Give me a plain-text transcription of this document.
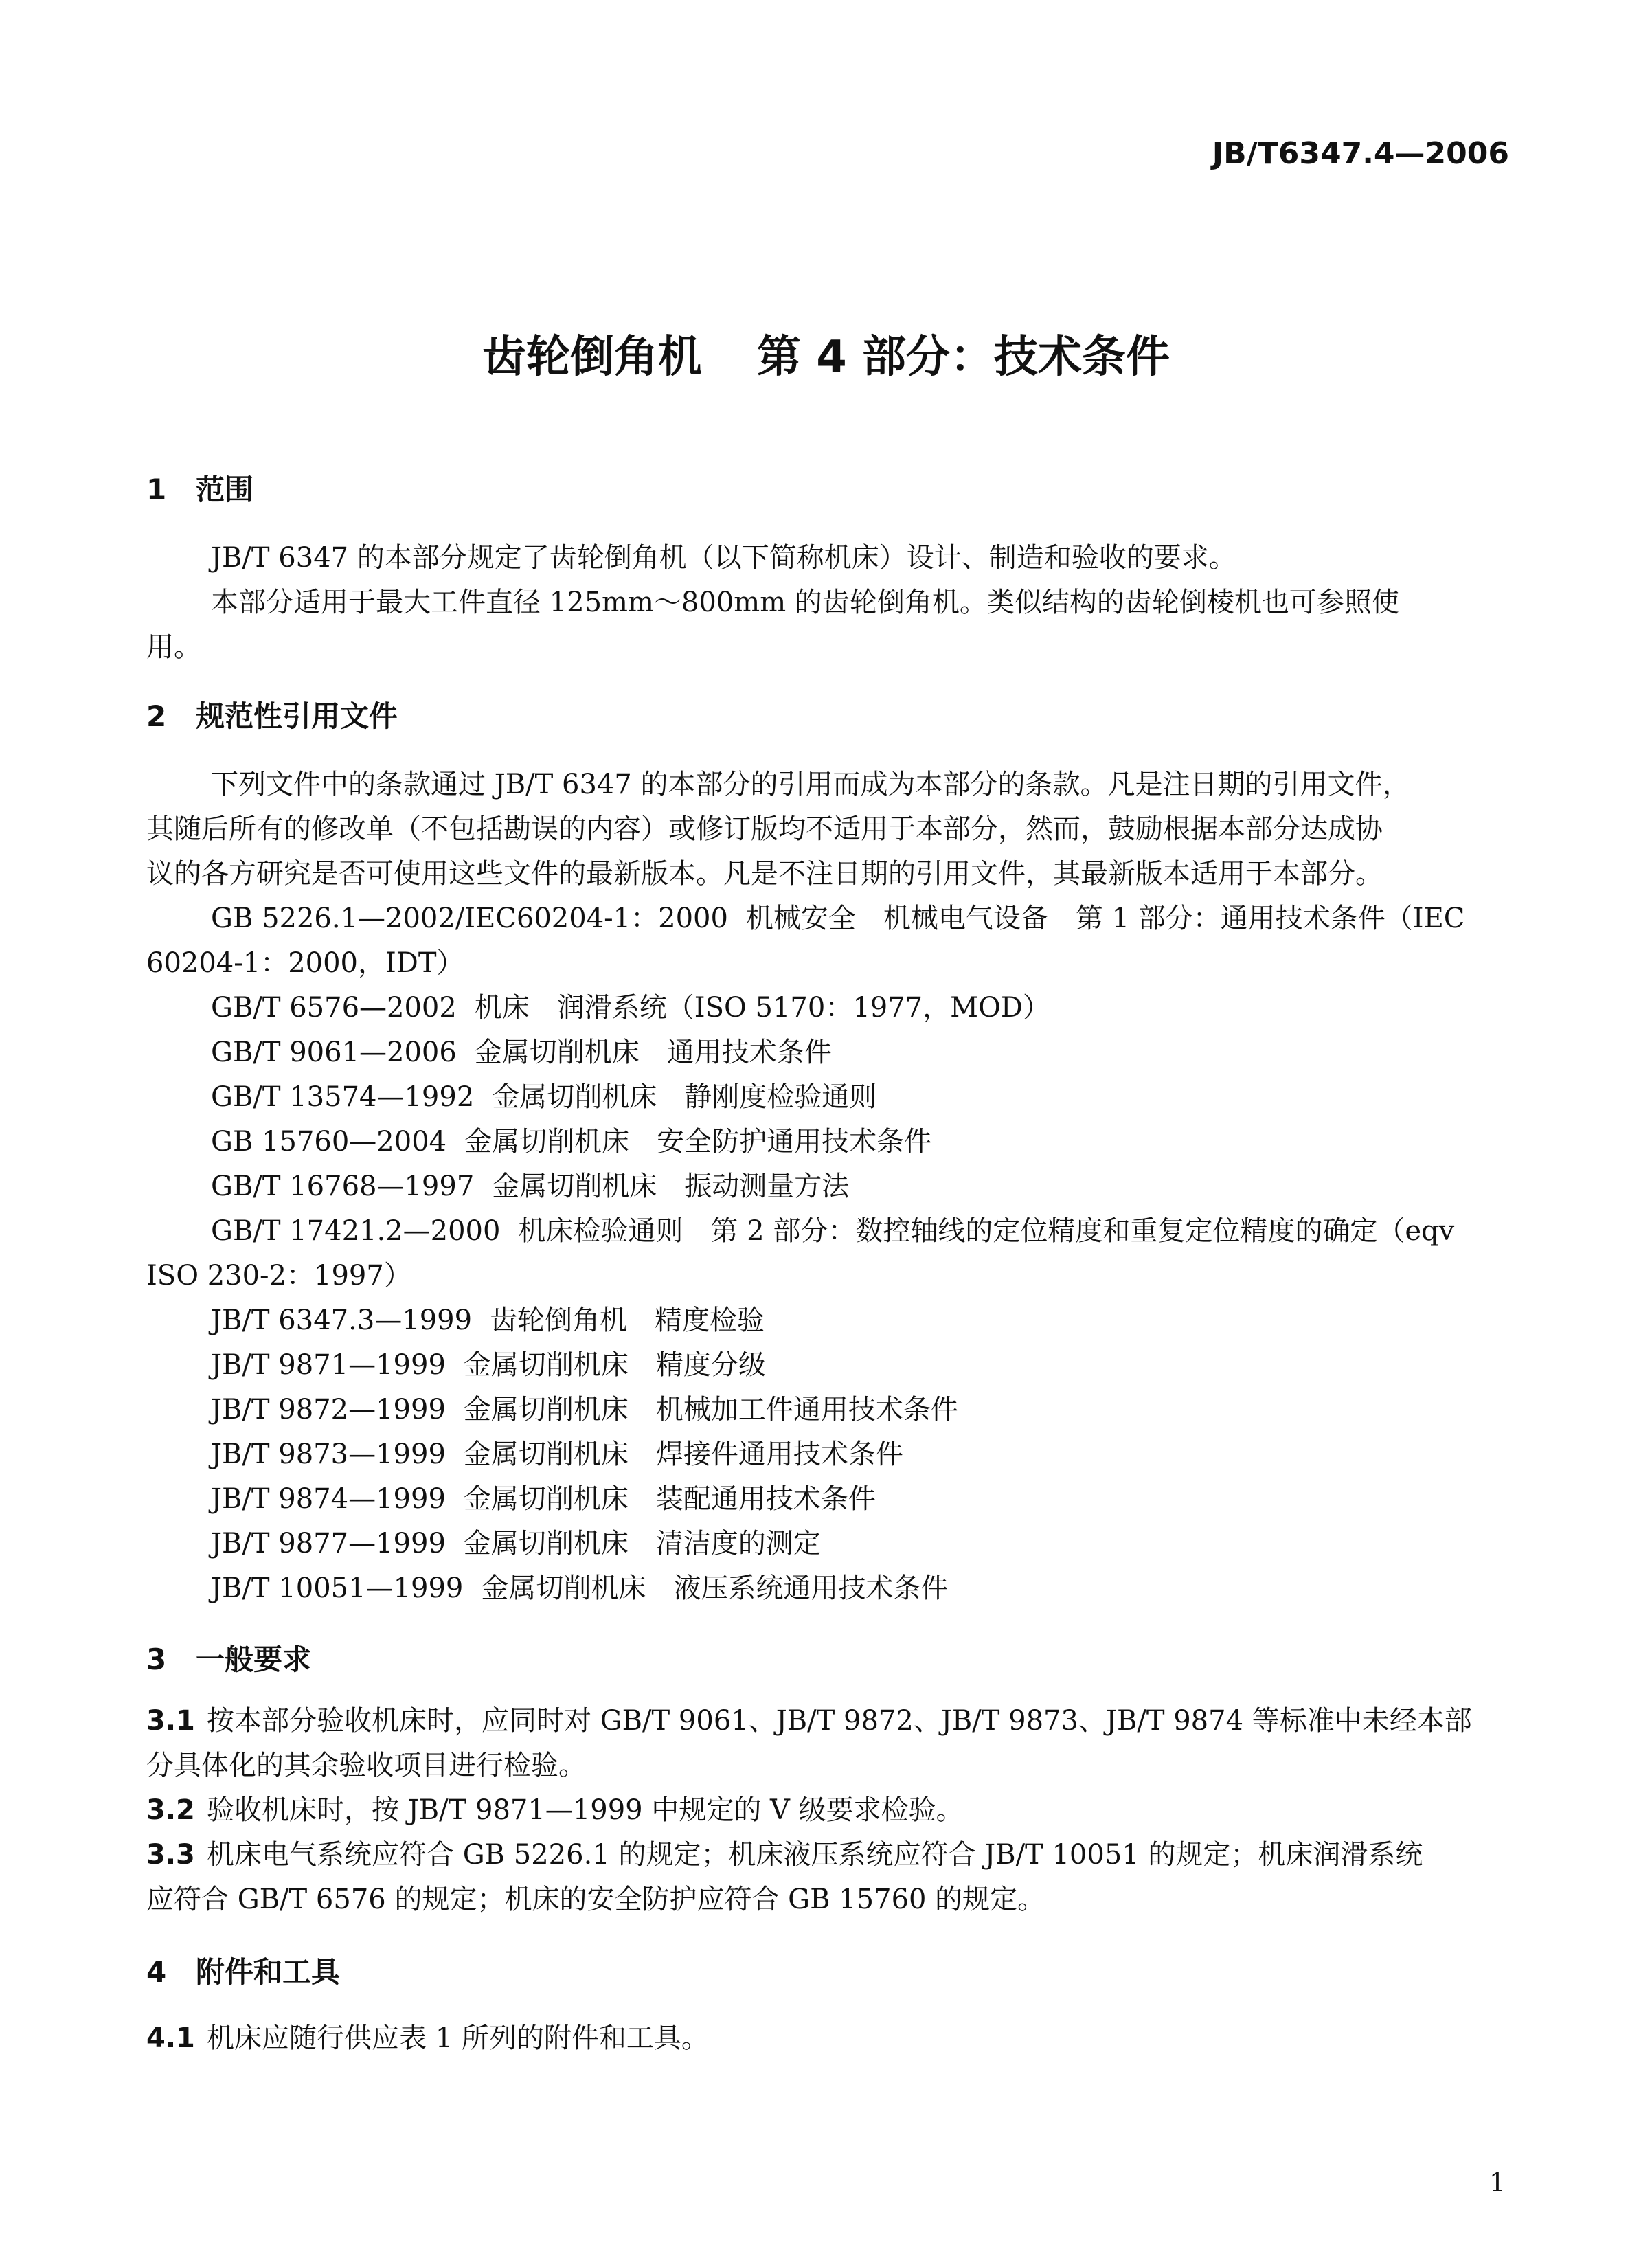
JB/T6347.4—2006
齿轮倒角机 第 4 部分：技术条件
1 范围
JB/T 6347 的本部分规定了齿轮倒角机（以下简称机床）设计、制造和验收的要求。
本部分适用于最大工件直径 125mm～800mm 的齿轮倒角机。类似结构的齿轮倒棱机也可参照使
用。
2 规范性引用文件
下列文件中的条款通过 JB/T 6347 的本部分的引用而成为本部分的条款。凡是注日期的引用文件，
其随后所有的修改单（不包括勘误的内容）或修订版均不适用于本部分，然而，鼓励根据本部分达成协
议的各方研究是否可使用这些文件的最新版本。凡是不注日期的引用文件，其最新版本适用于本部分。
GB 5226.1—2002/IEC60204-1：2000 机械安全　机械电气设备　第 1 部分：通用技术条件（IEC
60204-1：2000，IDT）
GB/T 6576—2002 机床　润滑系统（ISO 5170：1977，MOD）
GB/T 9061—2006 金属切削机床　通用技术条件
GB/T 13574—1992 金属切削机床　静刚度检验通则
GB 15760—2004 金属切削机床　安全防护通用技术条件
GB/T 16768—1997 金属切削机床　振动测量方法
GB/T 17421.2—2000 机床检验通则　第 2 部分：数控轴线的定位精度和重复定位精度的确定（eqv
ISO 230-2：1997）
JB/T 6347.3—1999 齿轮倒角机　精度检验
JB/T 9871—1999 金属切削机床　精度分级
JB/T 9872—1999 金属切削机床　机械加工件通用技术条件
JB/T 9873—1999 金属切削机床　焊接件通用技术条件
JB/T 9874—1999 金属切削机床　装配通用技术条件
JB/T 9877—1999 金属切削机床　清洁度的测定
JB/T 10051—1999 金属切削机床　液压系统通用技术条件
3 一般要求
3.1 按本部分验收机床时，应同时对 GB/T 9061、JB/T 9872、JB/T 9873、JB/T 9874 等标准中未经本部
分具体化的其余验收项目进行检验。
3.2 验收机床时，按 JB/T 9871—1999 中规定的 V 级要求检验。
3.3 机床电气系统应符合 GB 5226.1 的规定；机床液压系统应符合 JB/T 10051 的规定；机床润滑系统
应符合 GB/T 6576 的规定；机床的安全防护应符合 GB 15760 的规定。
4 附件和工具
4.1 机床应随行供应表 1 所列的附件和工具。
1
